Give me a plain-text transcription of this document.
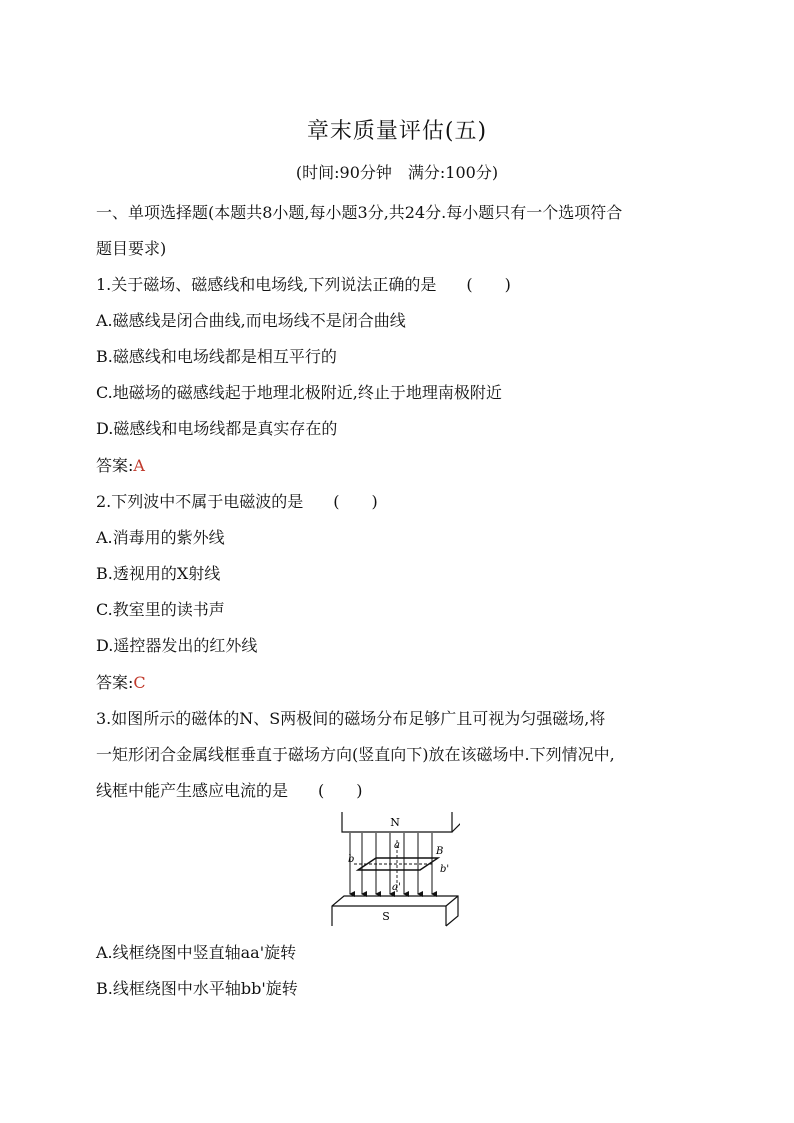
章末质量评估(五)
(时间:90分钟　满分:100分)
一、单项选择题(本题共8小题,每小题3分,共24分.每小题只有一个选项符合
题目要求)
1.关于磁场、磁感线和电场线,下列说法正确的是 (　　)
A.磁感线是闭合曲线,而电场线不是闭合曲线
B.磁感线和电场线都是相互平行的
C.地磁场的磁感线起于地理北极附近,终止于地理南极附近
D.磁感线和电场线都是真实存在的
答案:A
2.下列波中不属于电磁波的是 (　　)
A.消毒用的紫外线
B.透视用的X射线
C.教室里的读书声
D.遥控器发出的红外线
答案:C
3.如图所示的磁体的N、S两极间的磁场分布足够广且可视为匀强磁场,将
一矩形闭合金属线框垂直于磁场方向(竖直向下)放在该磁场中.下列情况中,
线框中能产生感应电流的是 (　　)
N
a
b
B
b'
a'
S
A.线框绕图中竖直轴aa'旋转
B.线框绕图中水平轴bb'旋转
